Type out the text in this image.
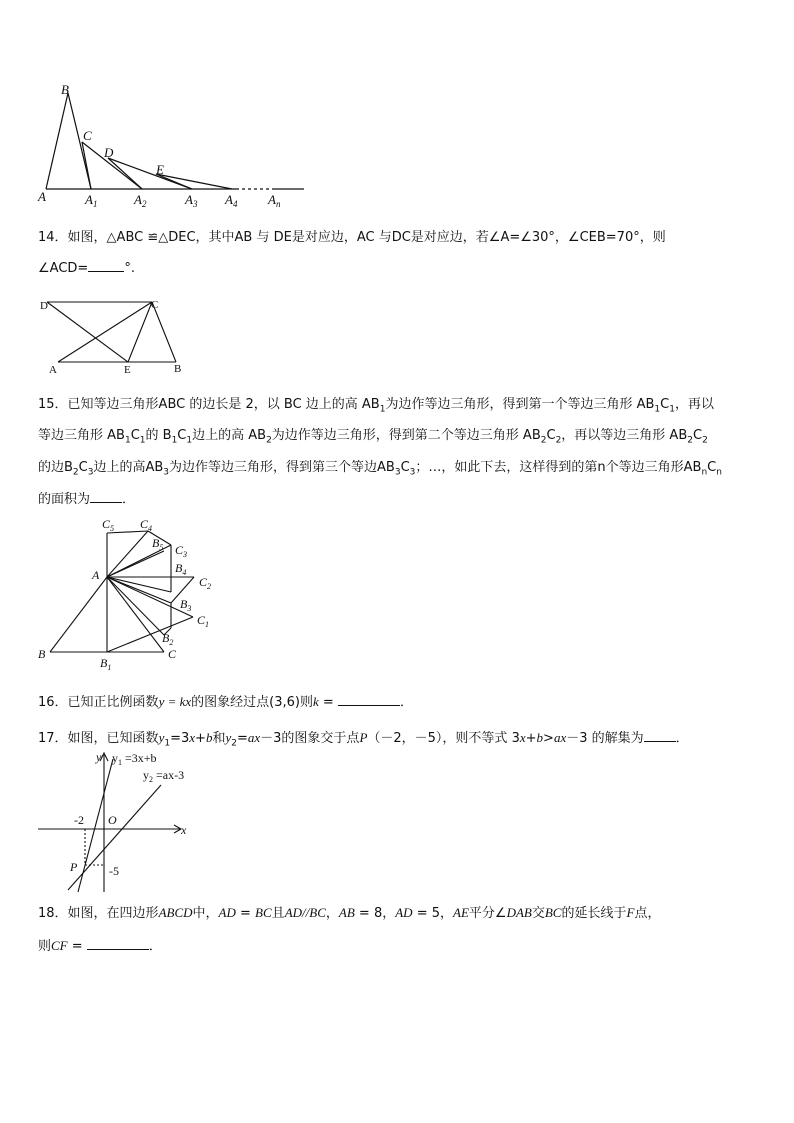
B
C
D
E
A	$A_1$	$A_2$	$A_3$ $A_4$ $A_n$
14．如图，△ABC ≌△DEC，其中AB 与 DE是对应边，AC 与DC是对应边，若∠A=∠30°，∠CEB=70°，则
∠ACD=	°.
D	C
A	E	B
15．已知等边三角形ABC 的边长是 2，以 BC 边上的高 $AB_1$为边作等边三角形，得到第一个等边三角形 $AB_1C_1$，再以
等边三角形 $AB_1C_1$的 $B_1C_1$边上的高 $AB_2$为边作等边三角形，得到第二个等边三角形 $AB_2C_2$，再以等边三角形 $AB_2C_2$
的边$B_2C_3$边上的高$AB_3$为边作等边三角形，得到第三个等边$AB_3C_3$；…，如此下去，这样得到的第n个等边三角形$AB_nC_n$
的面积为 ．
$C_5$ $C_4$
$B_5$ $C_3$
$B_4$
A	$C_2$
$B_3$
$C_1$
$B_2$
B
$B_1$
C
16．已知正比例函数y = kx的图象经过点(3,6)则k =	．
17．如图，已知函数$y_1=3x+b$和$y_2=ax-3$的图象交于点P（－2，－5），则不等式 3x+b>ax－3 的解集为 ．
y
x
O
P
-2
-5
$y_1 =3x+b$
$y_2 =ax-3$
18．如图，在四边形ABCD中，AD = BC且AD//BC，AB = 8，AD = 5，AE平分∠DAB交BC的延长线于F点，
则CF =	．
